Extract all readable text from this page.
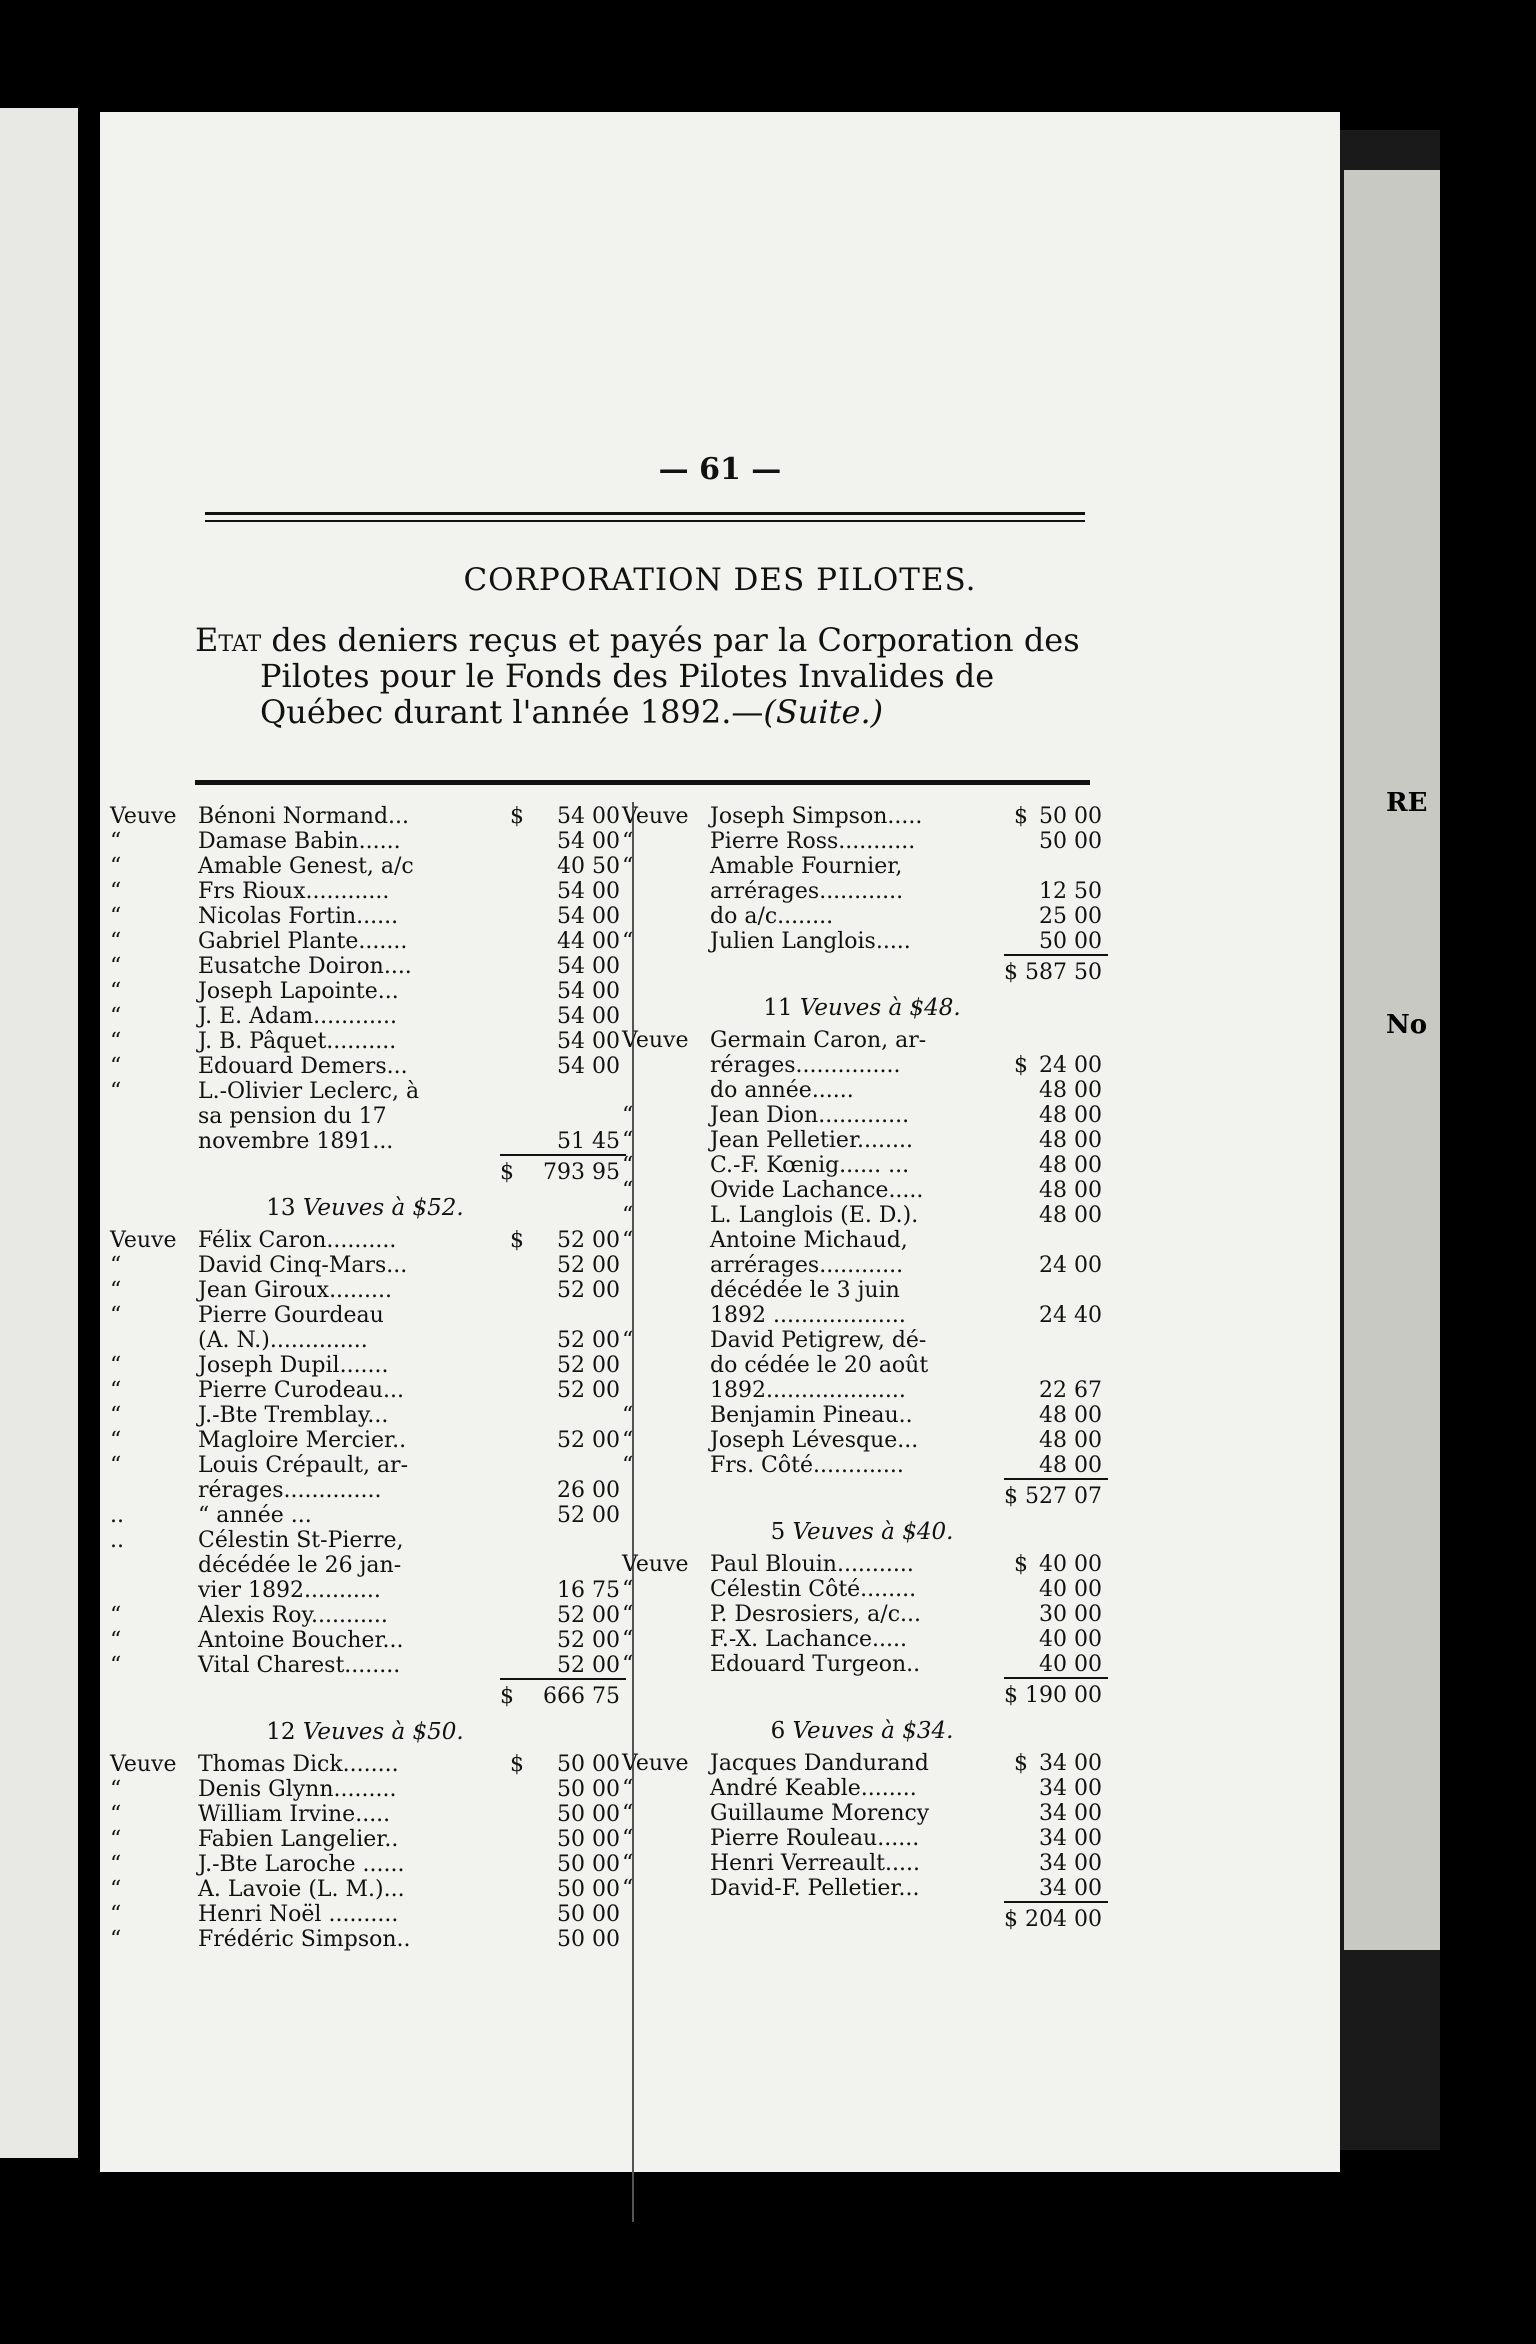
RE
No
— 61 —
CORPORATION DES PILOTES.

Etat des deniers reçus et payés par la Corporation des Pilotes pour le Fonds des Pilotes Invalides de Québec durant l'année 1892.—(Suite.)

Veuve Bénoni Normand...	$	54 00
“	Damase Babin......	54 00
“	Amable Genest, a/c	40 50
“	Frs Rioux............	54 00
“	Nicolas Fortin......	54 00
“	Gabriel Plante.......	44 00
“	Eusatche Doiron....	54 00
“	Joseph Lapointe...	54 00
“	J. E. Adam............	54 00
“	J. B. Pâquet..........	54 00
“	Edouard Demers...	54 00
“	L.-Olivier Leclerc, à
sa pension du 17
novembre 1891...	51 45
$	793 95
13 Veuves à $52.
Veuve Félix Caron..........	$	52 00
“	David Cinq-Mars...	52 00
“	Jean Giroux.........	52 00
“	Pierre Gourdeau
(A. N.)..............	52 00
“	Joseph Dupil.......	52 00
“	Pierre Curodeau...	52 00
“	J.-Bte Tremblay...
“	Magloire Mercier..	52 00
“	Louis Crépault, ar-
rérages..............	26 00
..	“ année ...	52 00
..	Célestin St-Pierre,
décédée le 26 jan-
vier 1892...........	16 75
“	Alexis Roy...........	52 00
“	Antoine Boucher...	52 00
“	Vital Charest........	52 00
$	666 75
12 Veuves à $50.
Veuve Thomas Dick........	$	50 00
“	Denis Glynn.........	50 00
“	William Irvine.....	50 00
“	Fabien Langelier..	50 00
“	J.-Bte Laroche ......	50 00
“	A. Lavoie (L. M.)...	50 00
“	Henri Noël ..........	50 00
“	Frédéric Simpson..	50 00
Veuve Joseph Simpson.....	$ 50 00
“	Pierre Ross...........	50 00
“	Amable Fournier,
arrérages............	12 50
do a/c........	25 00
“	Julien Langlois.....	50 00
$ 587 50
11 Veuves à $48.
Veuve Germain Caron, ar-
rérages...............	$ 24 00
do année......	48 00
“	Jean Dion.............	48 00
“	Jean Pelletier........	48 00
“	C.-F. Kœnig...... ...	48 00
“	Ovide Lachance.....	48 00
“	L. Langlois (E. D.).	48 00
“	Antoine Michaud,
arrérages............	24 00
décédée le 3 juin
1892 ...................	24 40
“	David Petigrew, dé-
do cédée le 20 août
1892....................	22 67
“	Benjamin Pineau..	48 00
“	Joseph Lévesque...	48 00
“	Frs. Côté.............	48 00
$ 527 07
5 Veuves à $40.
Veuve Paul Blouin...........	$ 40 00
“	Célestin Côté........	40 00
“	P. Desrosiers, a/c...	30 00
“	F.-X. Lachance.....	40 00
“	Edouard Turgeon..	40 00
$ 190 00
6 Veuves à $34.
Veuve Jacques Dandurand	$ 34 00
“	André Keable........	34 00
“	Guillaume Morency	34 00
“	Pierre Rouleau......	34 00
“	Henri Verreault.....	34 00
“	David-F. Pelletier...	34 00
$ 204 00
